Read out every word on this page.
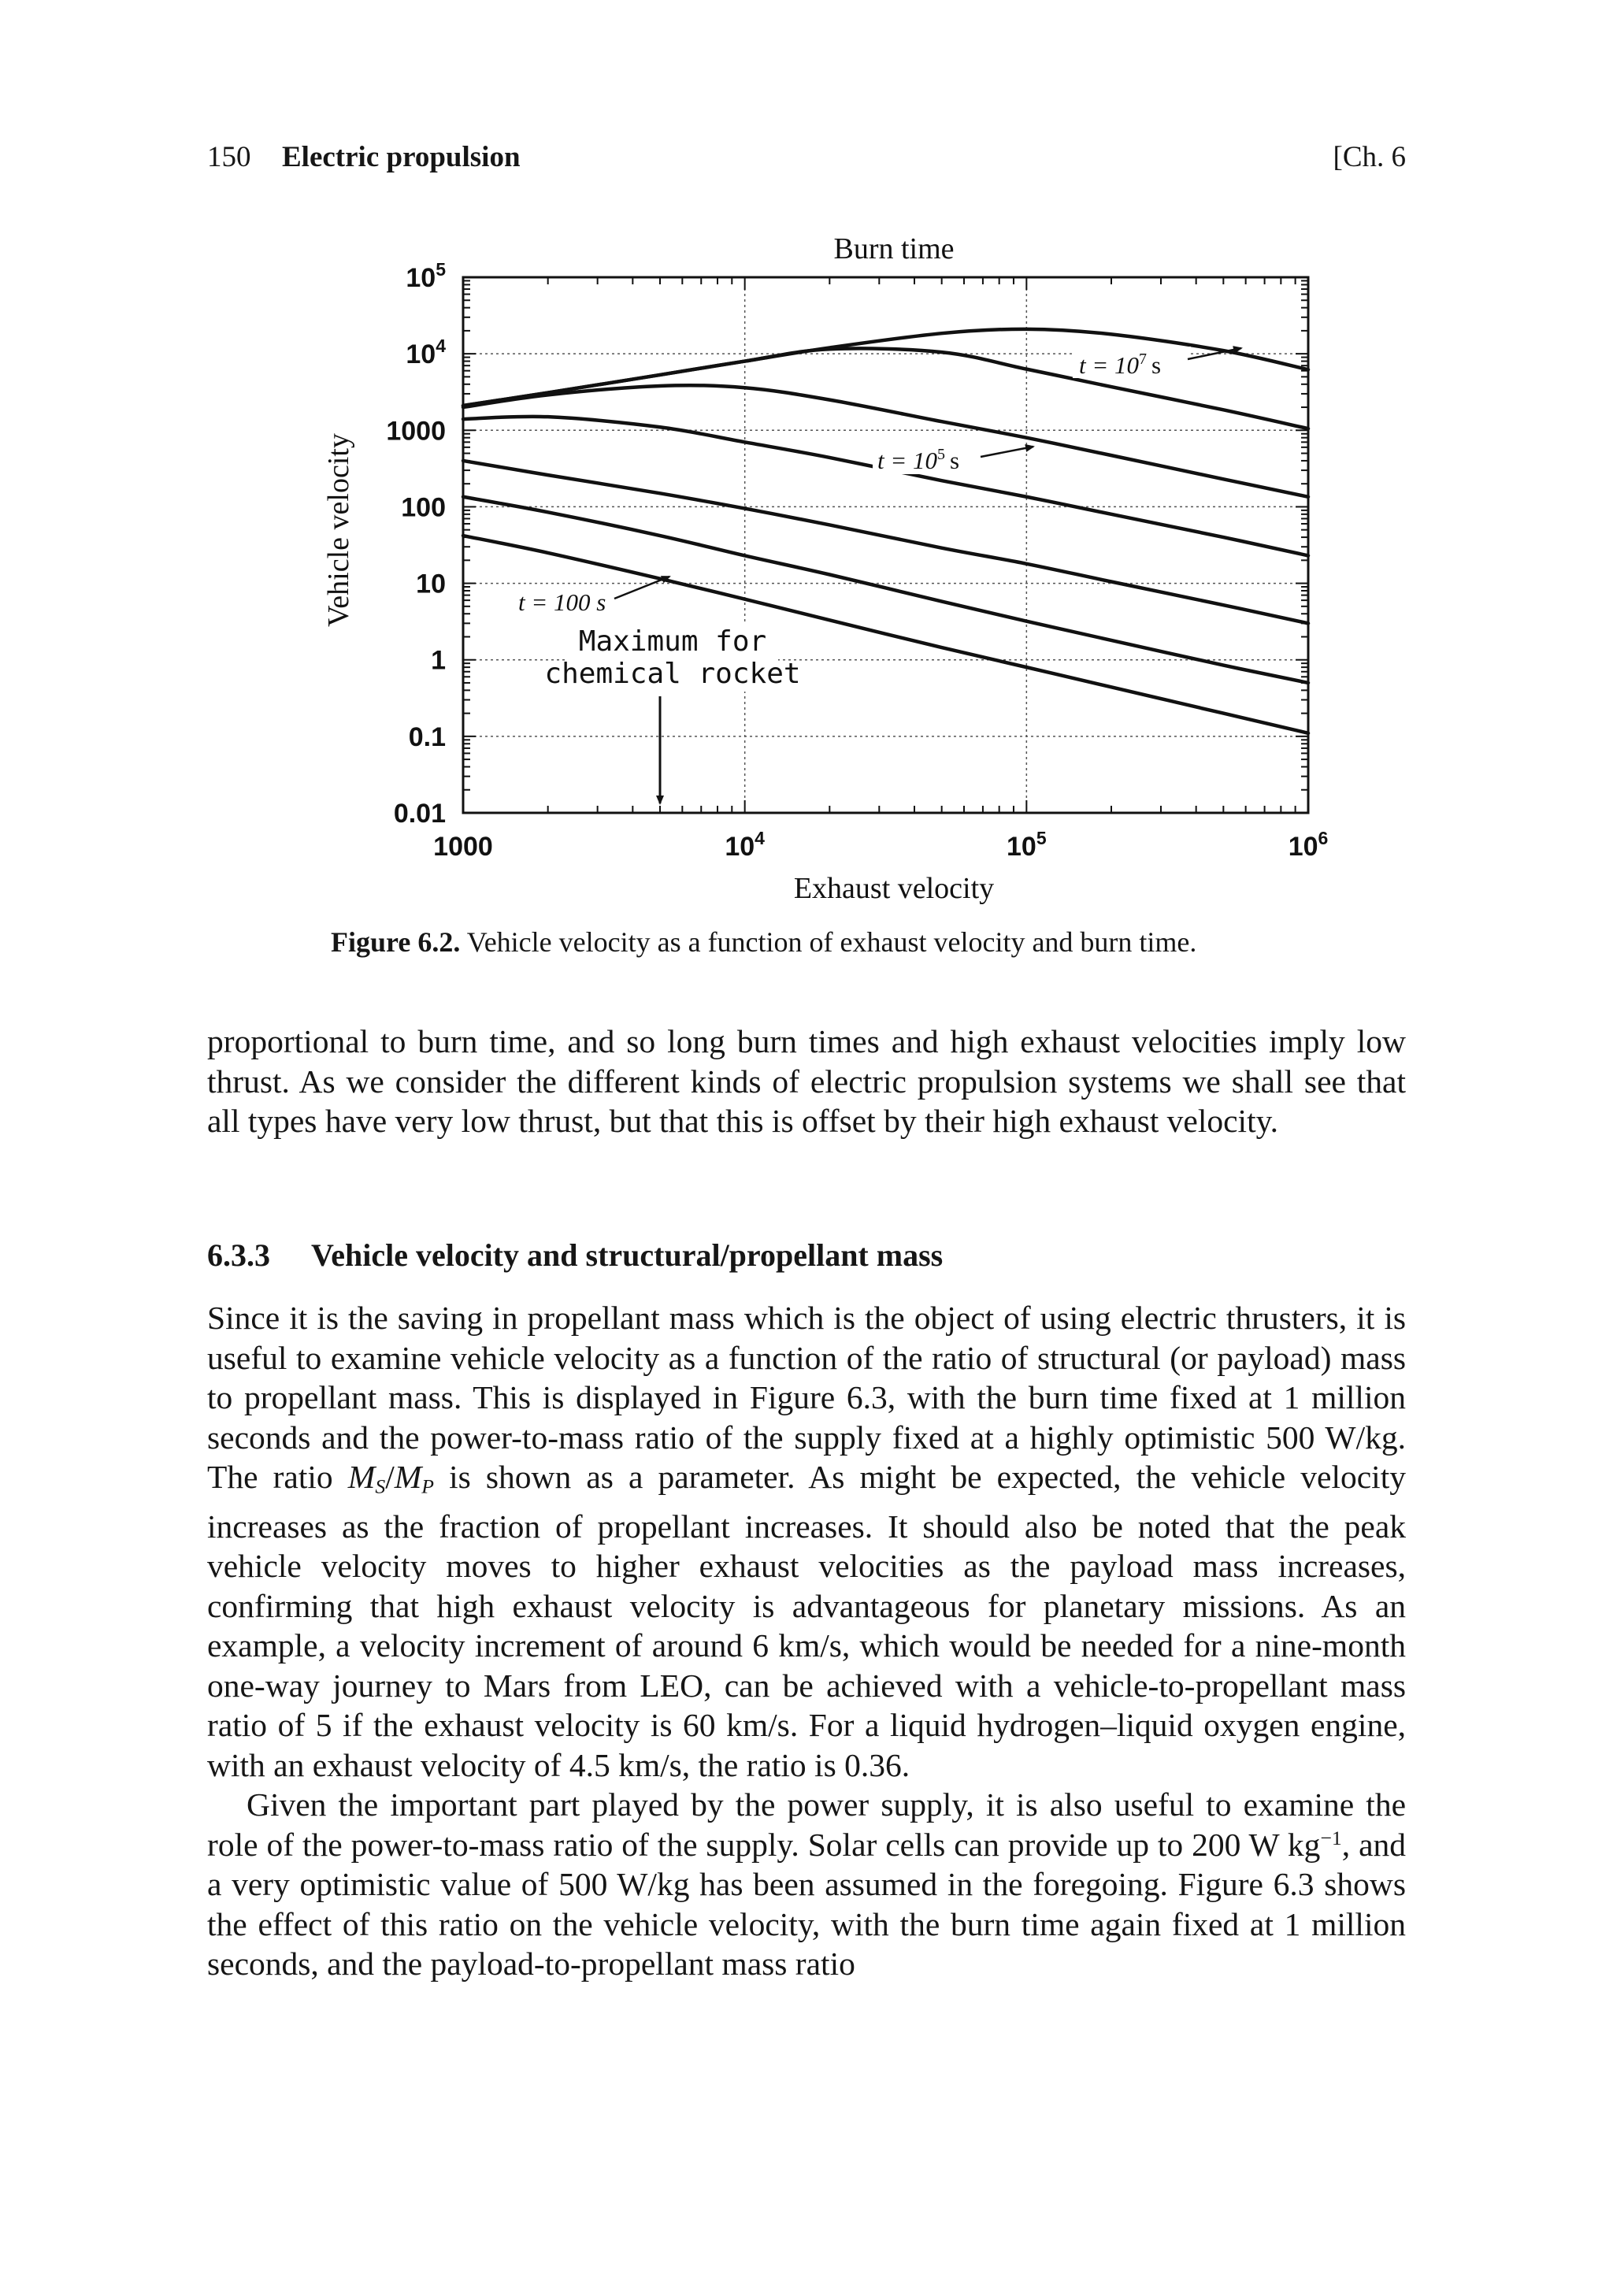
150 Electric propulsion	[Ch. 6
Burn time
Exhaust velocity
Vehicle velocity
1000	$10^4$	$10^5$	$10^6$
0.01
0.1
1
10
100
1000
$10^4$
$10^5$
$t = 10^7$ s
$t = 10^5$ s
t = 100 s
Maximum for
chemical rocket
Figure 6.2. Vehicle velocity as a function of exhaust velocity and burn time.

proportional to burn time, and so long burn times and high exhaust velocities imply low thrust. As we consider the different kinds of electric propulsion systems we shall see that all types have very low thrust, but that this is offset by their high exhaust velocity.

6.3.3 Vehicle velocity and structural/propellant mass

Since it is the saving in propellant mass which is the object of using electric thrusters, it is useful to examine vehicle velocity as a function of the ratio of structural (or payload) mass to propellant mass. This is displayed in Figure 6.3, with the burn time fixed at 1 million seconds and the power-to-mass ratio of the supply fixed at a highly optimistic 500 W/kg. The ratio $M_S/M_P$ is shown as a parameter. As might be expected, the vehicle velocity increases as the fraction of propellant increases. It should also be noted that the peak vehicle velocity moves to higher exhaust velocities as the payload mass increases, confirming that high exhaust velocity is advantageous for planetary missions. As an example, a velocity increment of around 6 km/s, which would be needed for a nine-month one-way journey to Mars from LEO, can be achieved with a vehicle-to-propellant mass ratio of 5 if the exhaust velocity is 60 km/s. For a liquid hydrogen–liquid oxygen engine, with an exhaust velocity of 4.5 km/s, the ratio is 0.36.

Given the important part played by the power supply, it is also useful to examine the role of the power-to-mass ratio of the supply. Solar cells can provide up to 200 W $kg^{-1}$, and a very optimistic value of 500 W/kg has been assumed in the foregoing. Figure 6.3 shows the effect of this ratio on the vehicle velocity, with the burn time again fixed at 1 million seconds, and the payload-to-propellant mass ratio
